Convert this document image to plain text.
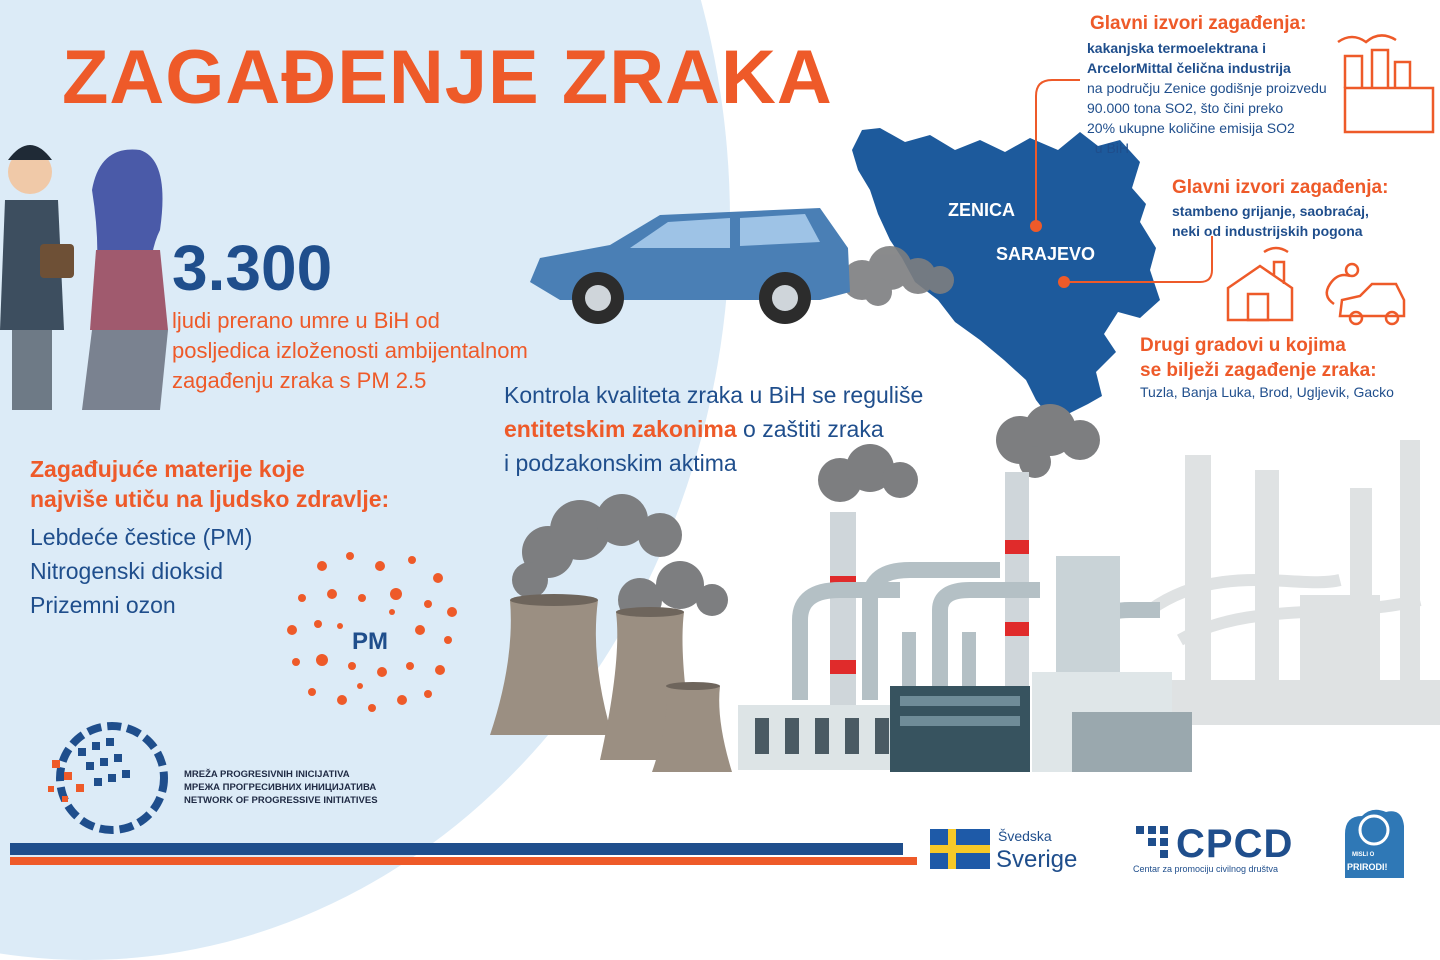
ZAGAĐENJE ZRAKA
3.300
ljudi prerano umre u BiH od
posljedica izloženosti ambijentalnom
zagađenju zraka s PM 2.5
Kontrola kvaliteta zraka u BiH se reguliše
entitetskim zakonima o zaštiti zraka
i podzakonskim aktima
Zagađujuće materije koje
najviše utiču na ljudsko zdravlje:
Lebdeće čestice (PM)
Nitrogenski dioksid
Prizemni ozon
PM
ZENICA
SARAJEVO
Glavni izvori zagađenja:
kakanjska termoelektrana i
ArcelorMittal čelična industrija
na području Zenice godišnje proizvedu
90.000 tona SO2, što čini preko
20% ukupne količine emisija SO2
u BiH
Glavni izvori zagađenja:
stambeno grijanje, saobraćaj,
neki od industrijskih pogona
Drugi gradovi u kojima
se bilježi zagađenje zraka:
Tuzla, Banja Luka, Brod, Ugljevik, Gacko
MREŽA PROGRESIVNIH INICIJATIVA
МРЕЖА ПРОГРЕСИВНИХ ИНИЦИЈАТИВА
NETWORK OF PROGRESSIVE INITIATIVES
Švedska
Sverige CPCD
Centar za promociju civilnog društva
MISLI O
PRIRODI!
